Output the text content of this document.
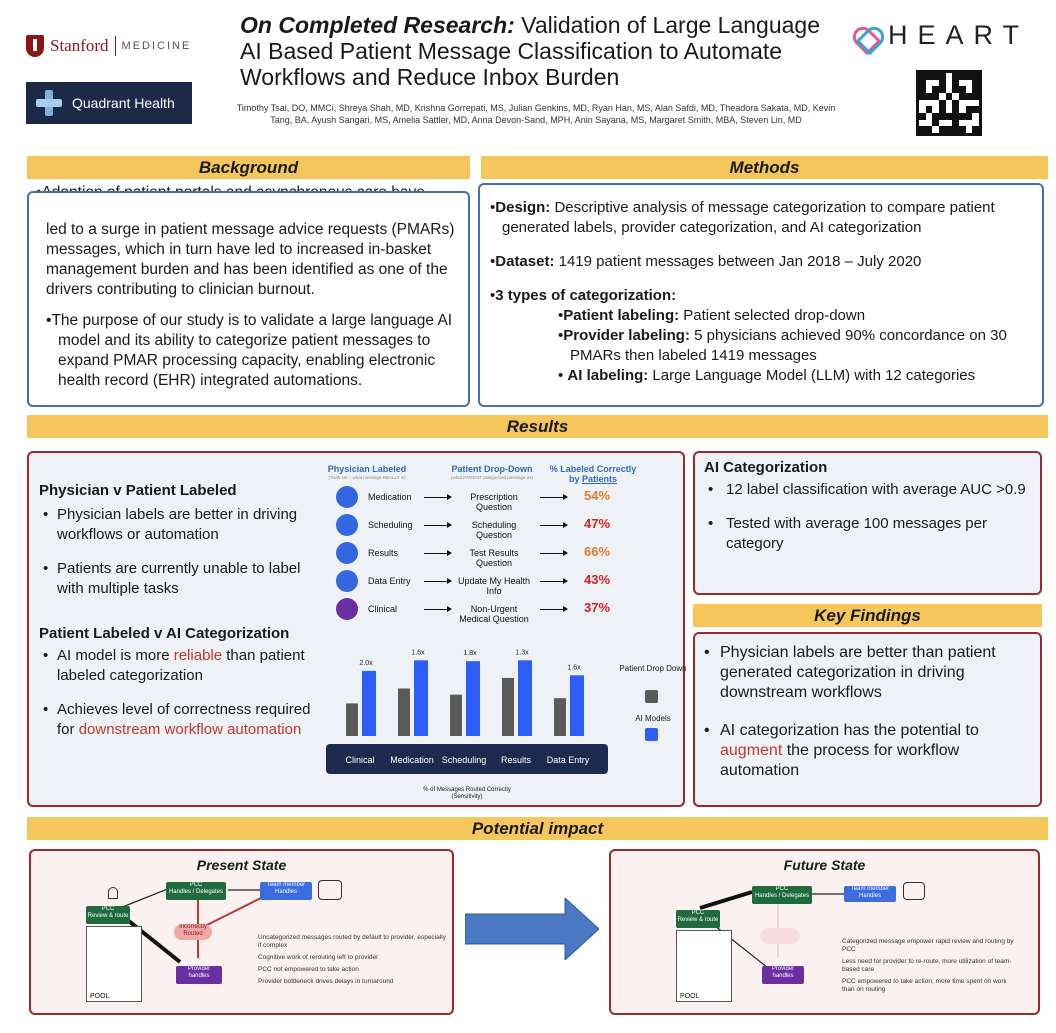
Stanford MEDICINE
Quadrant Health
On Completed Research: Validation of Large Language AI Based Patient Message Classification to Automate Workflows and Reduce Inbox Burden
Timothy Tsai, DO, MMCi, Shreya Shah, MD, Krishna Gorrepati, MS, Julian Genkins, MD, Ryan Han, MS, Alan Safdi, MD, Theadora Sakata, MD, Kevin Tang, BA, Ayush Sangari, MS, Amelia Sattler, MD, Anna Devon-Sand, MPH, Anin Sayana, MS, Margaret Smith, MBA, Steven Lin, MD
HEART
Background

led to a surge in patient message advice requests (PMARs) messages, which in turn have led to increased in-basket management burden and has been identified as one of the drivers contributing to clinician burnout.

•The purpose of our study is to validate a large language AI model and its ability to categorize patient messages to expand PMAR processing capacity, enabling electronic health record (EHR) integrated automations.

Methods

•Design: Descriptive analysis of message categorization to compare patient generated labels, provider categorization, and AI categorization

•Dataset: 1419 patient messages between Jan 2018 – July 2020

•3 types of categorization:

•Patient labeling: Patient selected drop-down

•Provider labeling: 5 physicians achieved 90% concordance on 30 PMARs then labeled 1419 messages

• AI labeling: Large Language Model (LLM) with 12 categories

Results
Physician v Patient Labeled

• Physician labels are better in driving workflows or automation

• Patients are currently unable to label with multiple tasks

Patient Labeled v AI Categorization

• AI model is more reliable than patient labeled categorization

• Achieves level of correctness required for downstream workflow automation

Physician Labeled
(Truth set – what message REALLY is)
Patient Drop-Down
(what PATIENT categorized message as)
% Labeled Correctly
by Patients
Medication	Prescription Question
54%
Scheduling	Scheduling Question
47%
Results	Test Results Question
66%
Data Entry	Update My Health Info
43%
Clinical	Non-Urgent Medical Question
37%
2.0x
Clinical
1.6x
Medication
1.8x
Scheduling
1.3x
Results
1.6x
Data Entry
Patient Drop Down
AI Models
% of Messages Routed Correctly
(Sensitivity)
AI Categorization

• 12 label classification with average AUC >0.9

• Tested with average 100 messages per category

Key Findings

• Physician labels are better than patient generated categorization in driving downstream workflows

• AI categorization has the potential to augment the process for workflow automation

Potential impact
Present State
PCC
Review & route
PCC
Handles / Delegates
Team member
Handles
Incorrectly Routed
Provider
handles
POOL
Uncategorized messages routed by default to provider, especially if complex
Cognitive work of rerouting left to provider
PCC not empowered to take action
Provider bottleneck drives delays in turnaround
Future State
PCC
Review & route
PCC
Handles / Delegates
Team member
Handles
Provider
handles
POOL
Categorized message empower rapid review and routing by PCC
Less need for provider to re-route, more utilization of team-based care
PCC empowered to take action; more time spent on work than on routing
